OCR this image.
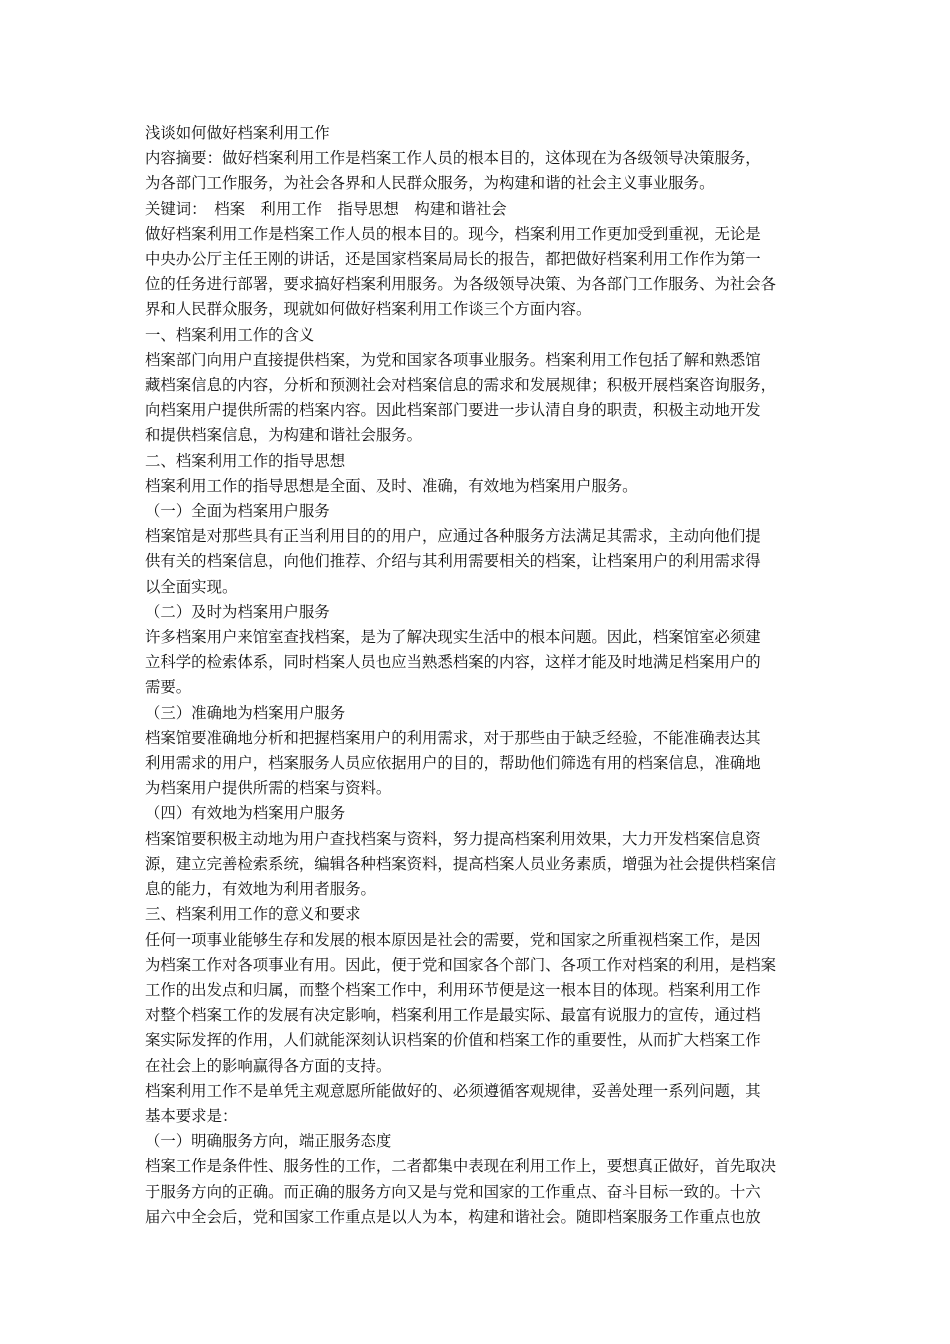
浅谈如何做好档案利用工作
内容摘要：做好档案利用工作是档案工作人员的根本目的，这体现在为各级领导决策服务，
为各部门工作服务，为社会各界和人民群众服务，为构建和谐的社会主义事业服务。
关键词：　档案　利用工作　指导思想　构建和谐社会
做好档案利用工作是档案工作人员的根本目的。现今，档案利用工作更加受到重视，无论是
中央办公厅主任王刚的讲话，还是国家档案局局长的报告，都把做好档案利用工作作为第一
位的任务进行部署，要求搞好档案利用服务。为各级领导决策、为各部门工作服务、为社会各
界和人民群众服务，现就如何做好档案利用工作谈三个方面内容。
一、档案利用工作的含义
档案部门向用户直接提供档案，为党和国家各项事业服务。档案利用工作包括了解和熟悉馆
藏档案信息的内容，分析和预测社会对档案信息的需求和发展规律；积极开展档案咨询服务，
向档案用户提供所需的档案内容。因此档案部门要进一步认清自身的职责，积极主动地开发
和提供档案信息，为构建和谐社会服务。
二、档案利用工作的指导思想
档案利用工作的指导思想是全面、及时、准确，有效地为档案用户服务。
（一）全面为档案用户服务
档案馆是对那些具有正当利用目的的用户，应通过各种服务方法满足其需求，主动向他们提
供有关的档案信息，向他们推荐、介绍与其利用需要相关的档案，让档案用户的利用需求得
以全面实现。
（二）及时为档案用户服务
许多档案用户来馆室查找档案，是为了解决现实生活中的根本问题。因此，档案馆室必须建
立科学的检索体系，同时档案人员也应当熟悉档案的内容，这样才能及时地满足档案用户的
需要。
（三）准确地为档案用户服务
档案馆要准确地分析和把握档案用户的利用需求，对于那些由于缺乏经验，不能准确表达其
利用需求的用户，档案服务人员应依据用户的目的，帮助他们筛选有用的档案信息，准确地
为档案用户提供所需的档案与资料。
（四）有效地为档案用户服务
档案馆要积极主动地为用户查找档案与资料，努力提高档案利用效果，大力开发档案信息资
源，建立完善检索系统，编辑各种档案资料，提高档案人员业务素质，增强为社会提供档案信
息的能力，有效地为利用者服务。
三、档案利用工作的意义和要求
任何一项事业能够生存和发展的根本原因是社会的需要，党和国家之所重视档案工作，是因
为档案工作对各项事业有用。因此，便于党和国家各个部门、各项工作对档案的利用，是档案
工作的出发点和归属，而整个档案工作中，利用环节便是这一根本目的体现。档案利用工作
对整个档案工作的发展有决定影响，档案利用工作是最实际、最富有说服力的宣传，通过档
案实际发挥的作用，人们就能深刻认识档案的价值和档案工作的重要性，从而扩大档案工作
在社会上的影响赢得各方面的支持。
档案利用工作不是单凭主观意愿所能做好的、必须遵循客观规律，妥善处理一系列问题，其
基本要求是：
（一）明确服务方向，端正服务态度
档案工作是条件性、服务性的工作，二者都集中表现在利用工作上，要想真正做好，首先取决
于服务方向的正确。而正确的服务方向又是与党和国家的工作重点、奋斗目标一致的。十六
届六中全会后，党和国家工作重点是以人为本，构建和谐社会。随即档案服务工作重点也放
